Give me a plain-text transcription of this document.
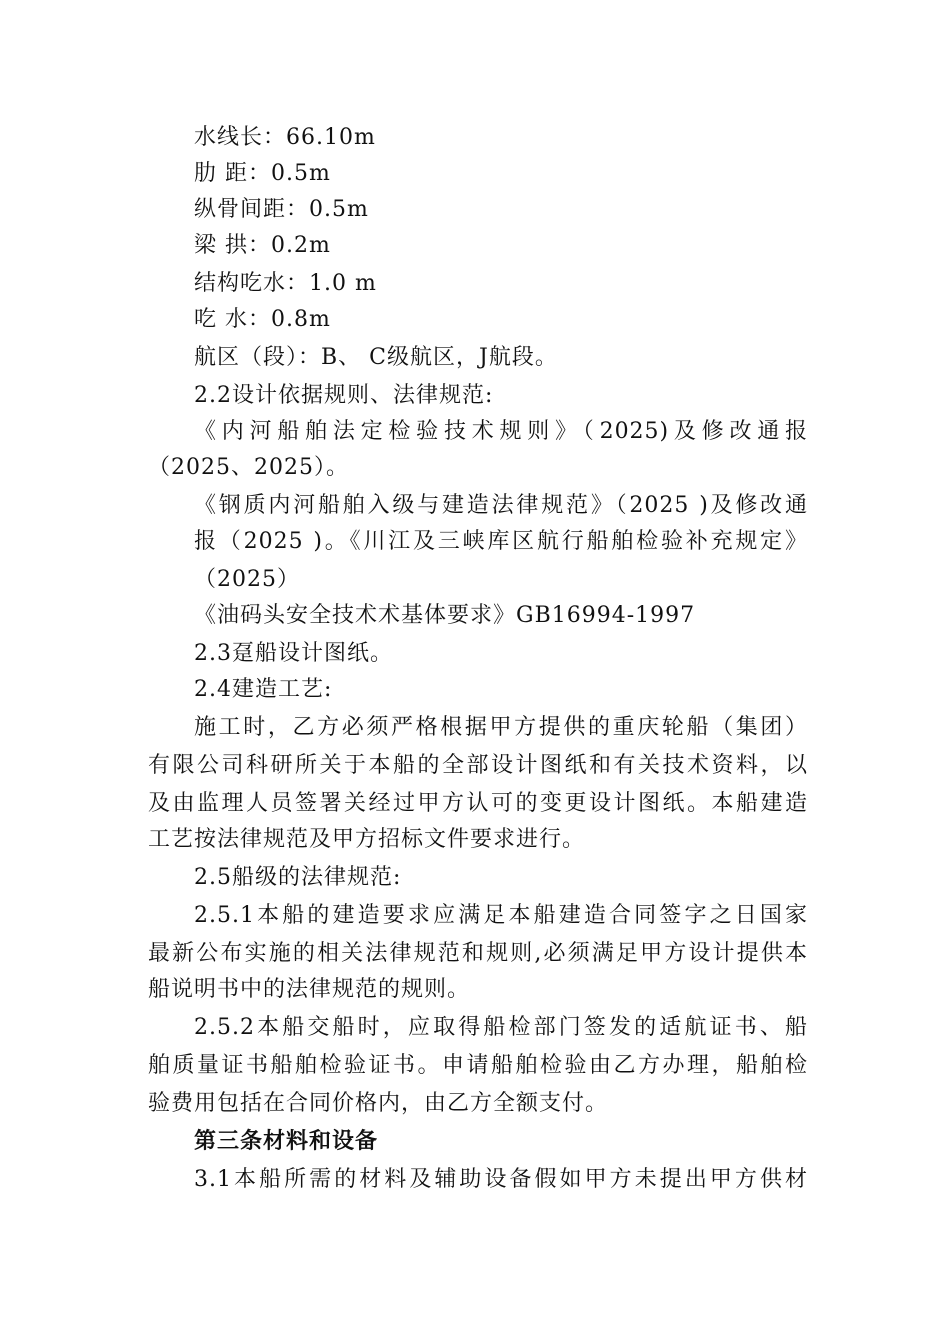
水线长：66.10m
肋 距：0.5m
纵骨间距：0.5m
梁 拱：0.2m
结构吃水：1.0 m
吃 水：0.8m
航区（段）：B、 C级航区，J航段。
2.2设计依据规则、法律规范:
《内河船舶法定检验技术规则》（2025)及修改通报
（2025、2025）。
《钢质内河船舶入级与建造法律规范》（2025 )及修改通
报（2025 )。《川江及三峡库区航行船舶检验补充规定》
（2025）
《油码头安全技术术基体要求》GB16994-1997
2.3趸船设计图纸。
2.4建造工艺:
施工时，乙方必须严格根据甲方提供的重庆轮船（集团）
有限公司科研所关于本船的全部设计图纸和有关技术资料，以
及由监理人员签署关经过甲方认可的变更设计图纸。本船建造
工艺按法律规范及甲方招标文件要求进行。
2.5船级的法律规范:
2.5.1本船的建造要求应满足本船建造合同签字之日国家
最新公布实施的相关法律规范和规则,必须满足甲方设计提供本
船说明书中的法律规范的规则。
2.5.2本船交船时，应取得船检部门签发的适航证书、船
舶质量证书船舶检验证书。申请船舶检验由乙方办理，船舶检
验费用包括在合同价格内，由乙方全额支付。
第三条材料和设备
3.1本船所需的材料及辅助设备假如甲方未提出甲方供材
